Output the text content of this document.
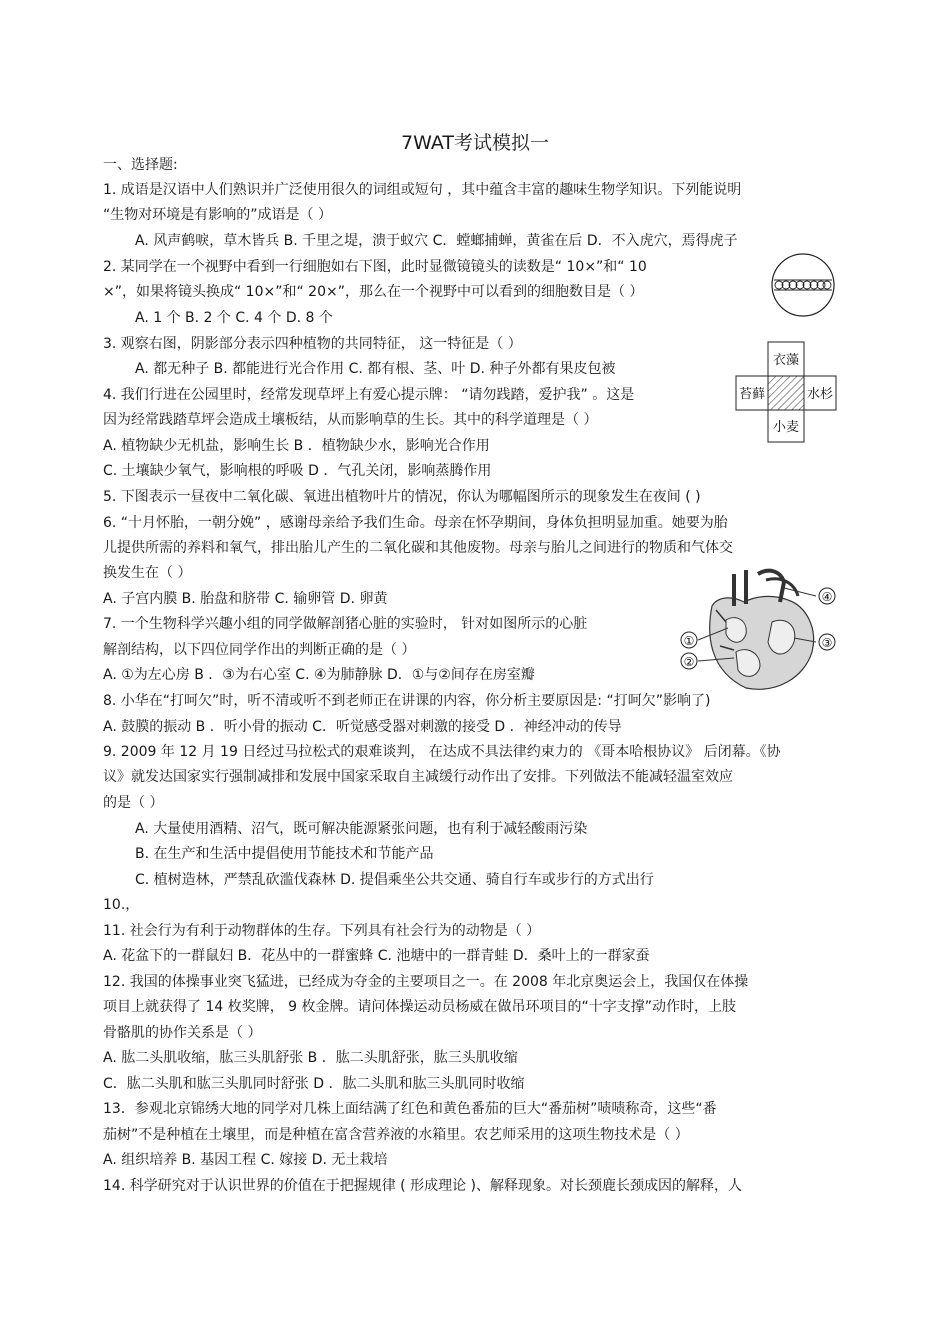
7WAT考试模拟一
一、选择题:
1. 成语是汉语中人们熟识并广泛使用很久的词组或短句 ，其中蕴含丰富的趣味生物学知识。下列能说明
“生物对环境是有影响的”成语是（ ）
A. 风声鹤唳，草木皆兵 B. 千里之堤，溃于蚁穴 C．螳螂捕蝉，黄雀在后 D．不入虎穴，焉得虎子
2. 某同学在一个视野中看到一行细胞如右下图，此时显微镜镜头的读数是“ 10×”和“ 10
×”，如果将镜头换成“ 10×”和“ 20×”，那么在一个视野中可以看到的细胞数目是（ ）
A. 1 个 B. 2 个 C. 4 个 D. 8 个
3. 观察右图，阴影部分表示四种植物的共同特征， 这一特征是（ ）
A. 都无种子 B. 都能进行光合作用 C. 都有根、茎、叶 D. 种子外都有果皮包被
4. 我们行进在公园里时，经常发现草坪上有爱心提示牌： “请勿践踏，爱护我” 。这是
因为经常践踏草坪会造成土壤板结，从而影响草的生长。其中的科学道理是（ ）
A. 植物缺少无机盐，影响生长 B ．植物缺少水，影响光合作用
C. 土壤缺少氧气，影响根的呼吸 D ．气孔关闭，影响蒸腾作用
5. 下图表示一昼夜中二氧化碳、氧进出植物叶片的情况，你认为哪幅图所示的现象发生在夜间 ( )
6. “十月怀胎，一朝分娩” ，感谢母亲给予我们生命。母亲在怀孕期间，身体负担明显加重。她要为胎
儿提供所需的养料和氧气，排出胎儿产生的二氧化碳和其他废物。母亲与胎儿之间进行的物质和气体交
换发生在（ ）
A. 子宫内膜 B. 胎盘和脐带 C. 输卵管 D. 卵黄
7. 一个生物科学兴趣小组的同学做解剖猪心脏的实验时， 针对如图所示的心脏
解剖结构，以下四位同学作出的判断正确的是（ ）
A. ①为左心房 B ．③为右心室 C. ④为肺静脉 D．①与②间存在房室瓣
8. 小华在“打呵欠”时，听不清或听不到老师正在讲课的内容，你分析主要原因是: “打呵欠”影响了)
A. 鼓膜的振动 B ．听小骨的振动 C．听觉感受器对刺激的接受 D ．神经冲动的传导
9. 2009 年 12 月 19 日经过马拉松式的艰难谈判， 在达成不具法律约束力的 《哥本哈根协议》 后闭幕。《协
议》就发达国家实行强制减排和发展中国家采取自主减缓行动作出了安排。下列做法不能减轻温室效应
的是（ ）
A. 大量使用酒精、沼气，既可解决能源紧张问题，也有利于减轻酸雨污染
B. 在生产和生活中提倡使用节能技术和节能产品
C. 植树造林，严禁乱砍滥伐森林 D. 提倡乘坐公共交通、骑自行车或步行的方式出行
10.，
11. 社会行为有利于动物群体的生存。下列具有社会行为的动物是（ ）
A. 花盆下的一群鼠妇 B．花丛中的一群蜜蜂 C. 池塘中的一群青蛙 D．桑叶上的一群家蚕
12. 我国的体操事业突飞猛进，已经成为夺金的主要项目之一。在 2008 年北京奥运会上，我国仅在体操
项目上就获得了 14 枚奖牌， 9 枚金牌。请问体操运动员杨威在做吊环项目的“十字支撑”动作时，上肢
骨骼肌的协作关系是（ ）
A. 肱二头肌收缩，肱三头肌舒张 B ．肱二头肌舒张，肱三头肌收缩
C．肱二头肌和肱三头肌同时舒张 D ．肱二头肌和肱三头肌同时收缩
13．参观北京锦绣大地的同学对几株上面结满了红色和黄色番茄的巨大“番茄树”啧啧称奇，这些“番
茄树”不是种植在土壤里，而是种植在富含营养液的水箱里。农艺师采用的这项生物技术是（ ）
A. 组织培养 B. 基因工程 C. 嫁接 D. 无土栽培
14. 科学研究对于认识世界的价值在于把握规律 ( 形成理论 )、解释现象。对长颈鹿长颈成因的解释，人
衣藻
苔藓	水杉
小麦
①
②
③
④
